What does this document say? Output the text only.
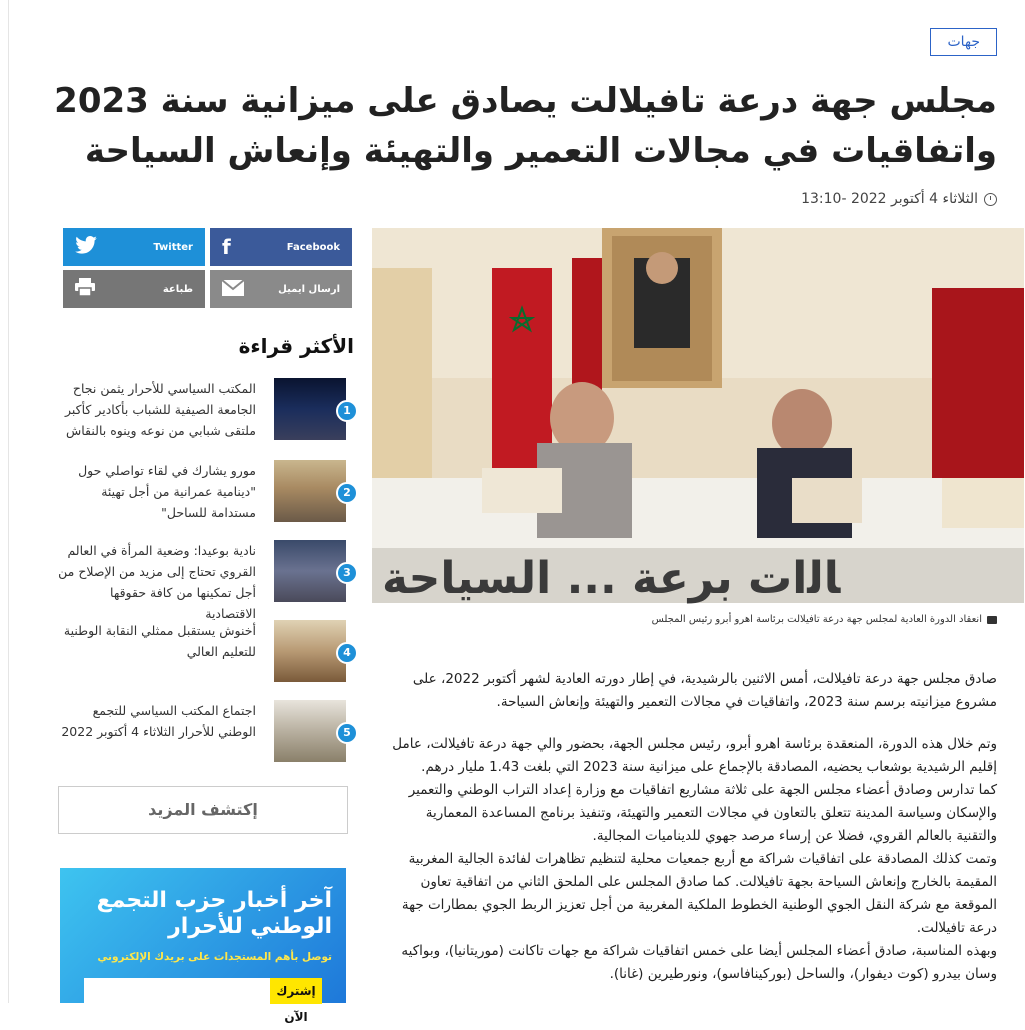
جهات
مجلس جهة درعة تافيلالت يصادق على ميزانية سنة 2023 واتفاقيات في مجالات التعمير والتهيئة وإنعاش السياحة
الثلاثاء 4 أكتوبر 2022 -13:10
f	Facebook
Twitter
ارسال ايميل
طباعة
الأكثر قراءة
1
المكتب السياسي للأحرار يثمن نجاح الجامعة الصيفية للشباب بأكادير كأكبر ملتقى شبابي من نوعه وينوه بالنقاش
2
مورو يشارك في لقاء تواصلي حول "دينامية عمرانية من أجل تهيئة مستدامة للساحل"
3
نادية بوعيدا: وضعية المرأة في العالم القروي تحتاج إلى مزيد من الإصلاح من أجل تمكينها من كافة حقوقها الاقتصادية
4
أخنوش يستقبل ممثلي النقابة الوطنية للتعليم العالي
5
اجتماع المكتب السياسي للتجمع الوطني للأحرار الثلاثاء 4 أكتوبر 2022
إكتشف المزيد
آخر أخبار حزب التجمع الوطني للأحرار
توصل بأهم المستجدات على بريدك الإلكتروني
إشترك الآن
ﺎﻟات ﺑﺮﻋﺔ ... ﺍﻟﺴﻴﺎﺣﺔ
انعقاد الدورة العادية لمجلس جهة درعة تافيلالت برئاسة اهرو أبرو رئيس المجلس

صادق مجلس جهة درعة تافيلالت، أمس الاثنين بالرشيدية، في إطار دورته العادية لشهر أكتوبر 2022، على مشروع ميزانيته برسم سنة 2023، واتفاقيات في مجالات التعمير والتهيئة وإنعاش السياحة.

وتم خلال هذه الدورة، المنعقدة برئاسة اهرو أبرو، رئيس مجلس الجهة، بحضور والي جهة درعة تافيلالت، عامل إقليم الرشيدية بوشعاب يحضيه، المصادقة بالإجماع على ميزانية سنة 2023 التي بلغت 1.43 مليار درهم.

كما تدارس وصادق أعضاء مجلس الجهة على ثلاثة مشاريع اتفاقيات مع وزارة إعداد التراب الوطني والتعمير والإسكان وسياسة المدينة تتعلق بالتعاون في مجالات التعمير والتهيئة، وتنفيذ برنامج المساعدة المعمارية والتقنية بالعالم القروي، فضلا عن إرساء مرصد جهوي للديناميات المجالية.

وتمت كذلك المصادقة على اتفاقيات شراكة مع أربع جمعيات محلية لتنظيم تظاهرات لفائدة الجالية المغربية المقيمة بالخارج وإنعاش السياحة بجهة تافيلالت. كما صادق المجلس على الملحق الثاني من اتفاقية تعاون الموقعة مع شركة النقل الجوي الوطنية الخطوط الملكية المغربية من أجل تعزيز الربط الجوي بمطارات جهة درعة تافيلالت.

وبهذه المناسبة، صادق أعضاء المجلس أيضا على خمس اتفاقيات شراكة مع جهات تاكانت (موريتانيا)، وبواكيه وسان بيدرو (كوت ديفوار)، والساحل (بوركينافاسو)، ونورطيرين (غانا).
